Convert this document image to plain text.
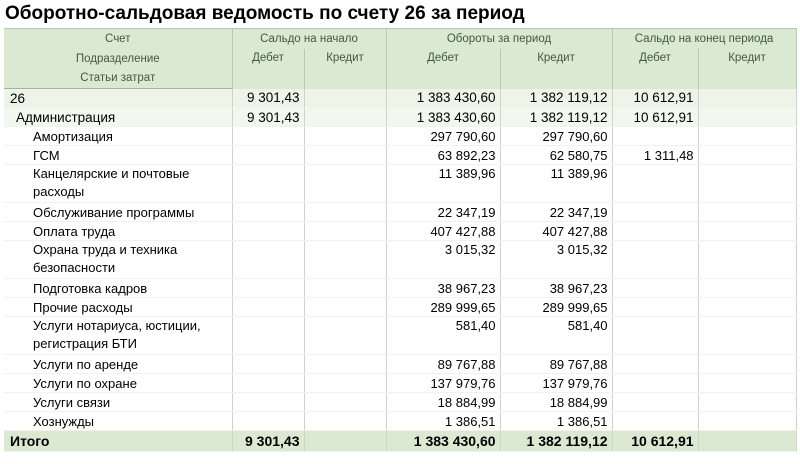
Оборотно-сальдовая ведомость по счету 26 за период
Счет	Сальдо на начало		Обороты за период		Сальдо на конец периода	
Подразделение	Дебет	Кредит	Дебет	Кредит	Дебет	Кредит
Статьи затрат						
26	9 301,43		1 383 430,60	1 382 119,12	10 612,91	
Администрация	9 301,43		1 383 430,60	1 382 119,12	10 612,91	
Амортизация			297 790,60	297 790,60		
ГСМ			63 892,23	62 580,75	1 311,48	
Канцелярские и почтовые расходы			11 389,96	11 389,96		
Обслуживание программы			22 347,19	22 347,19		
Оплата труда			407 427,88	407 427,88		
Охрана труда и техника безопасности			3 015,32	3 015,32		
Подготовка кадров			38 967,23	38 967,23		
Прочие расходы			289 999,65	289 999,65		
Услуги нотариуса, юстиции, регистрация БТИ			581,40	581,40		
Услуги по аренде			89 767,88	89 767,88		
Услуги по охране			137 979,76	137 979,76		
Услуги связи			18 884,99	18 884,99		
Хознужды			1 386,51	1 386,51		
Итого	9 301,43		1 383 430,60	1 382 119,12	10 612,91	
